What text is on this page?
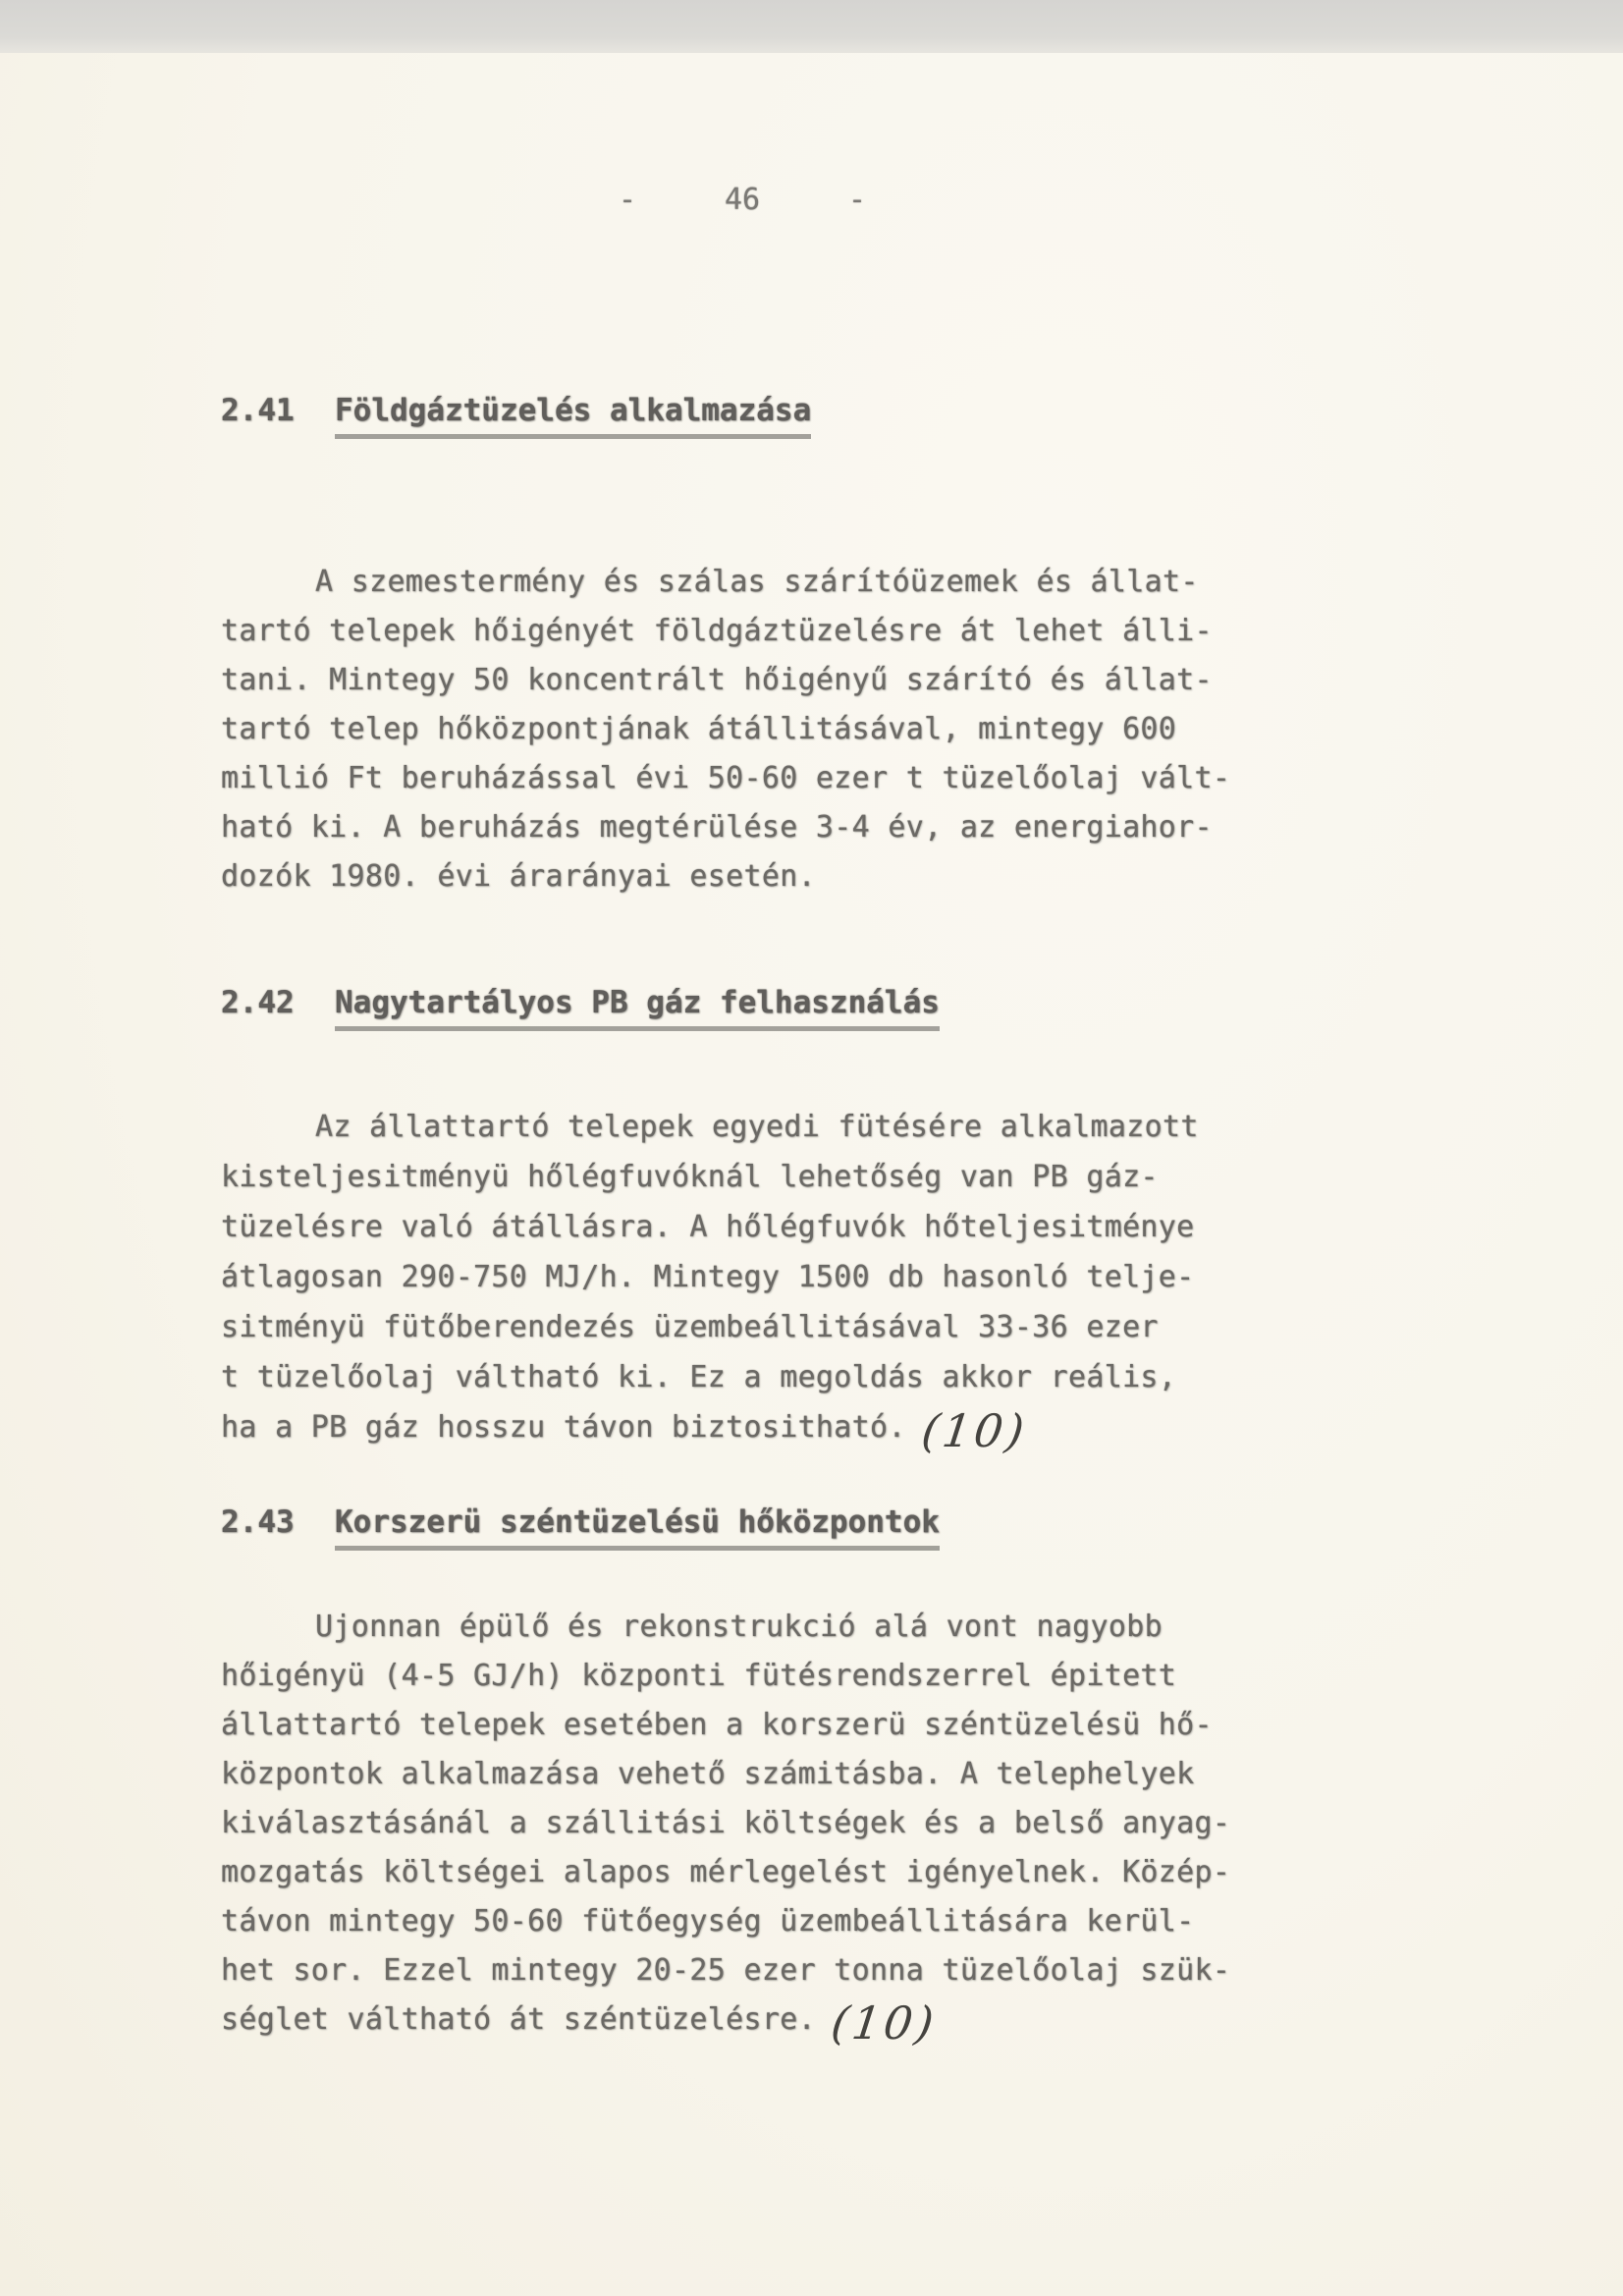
-	46	-
2.41	Földgáztüzelés alkalmazása
A szemestermény és szálas szárítóüzemek és állat-
tartó telepek hőigényét földgáztüzelésre át lehet álli-
tani. Mintegy 50 koncentrált hőigényű szárító és állat-
tartó telep hőközpontjának átállitásával, mintegy 600
millió Ft beruházással évi 50-60 ezer t tüzelőolaj vált-
ható ki. A beruházás megtérülése 3-4 év, az energiahor-
dozók 1980. évi árarányai esetén.
2.42	Nagytartályos PB gáz felhasználás
Az állattartó telepek egyedi fütésére alkalmazott
kisteljesitményü hőlégfuvóknál lehetőség van PB gáz-
tüzelésre való átállásra. A hőlégfuvók hőteljesitménye
átlagosan 290-750 MJ/h. Mintegy 1500 db hasonló telje-
sitményü fütőberendezés üzembeállitásával 33-36 ezer
t tüzelőolaj váltható ki. Ez a megoldás akkor reális,
ha a PB gáz hosszu távon biztositható. (10)
2.43	Korszerü széntüzelésü hőközpontok
Ujonnan épülő és rekonstrukció alá vont nagyobb
hőigényü (4-5 GJ/h) központi fütésrendszerrel épitett
állattartó telepek esetében a korszerü széntüzelésü hő-
központok alkalmazása vehető számitásba. A telephelyek
kiválasztásánál a szállitási költségek és a belső anyag-
mozgatás költségei alapos mérlegelést igényelnek. Közép-
távon mintegy 50-60 fütőegység üzembeállitására kerül-
het sor. Ezzel mintegy 20-25 ezer tonna tüzelőolaj szük-
séglet váltható át széntüzelésre. (10)
